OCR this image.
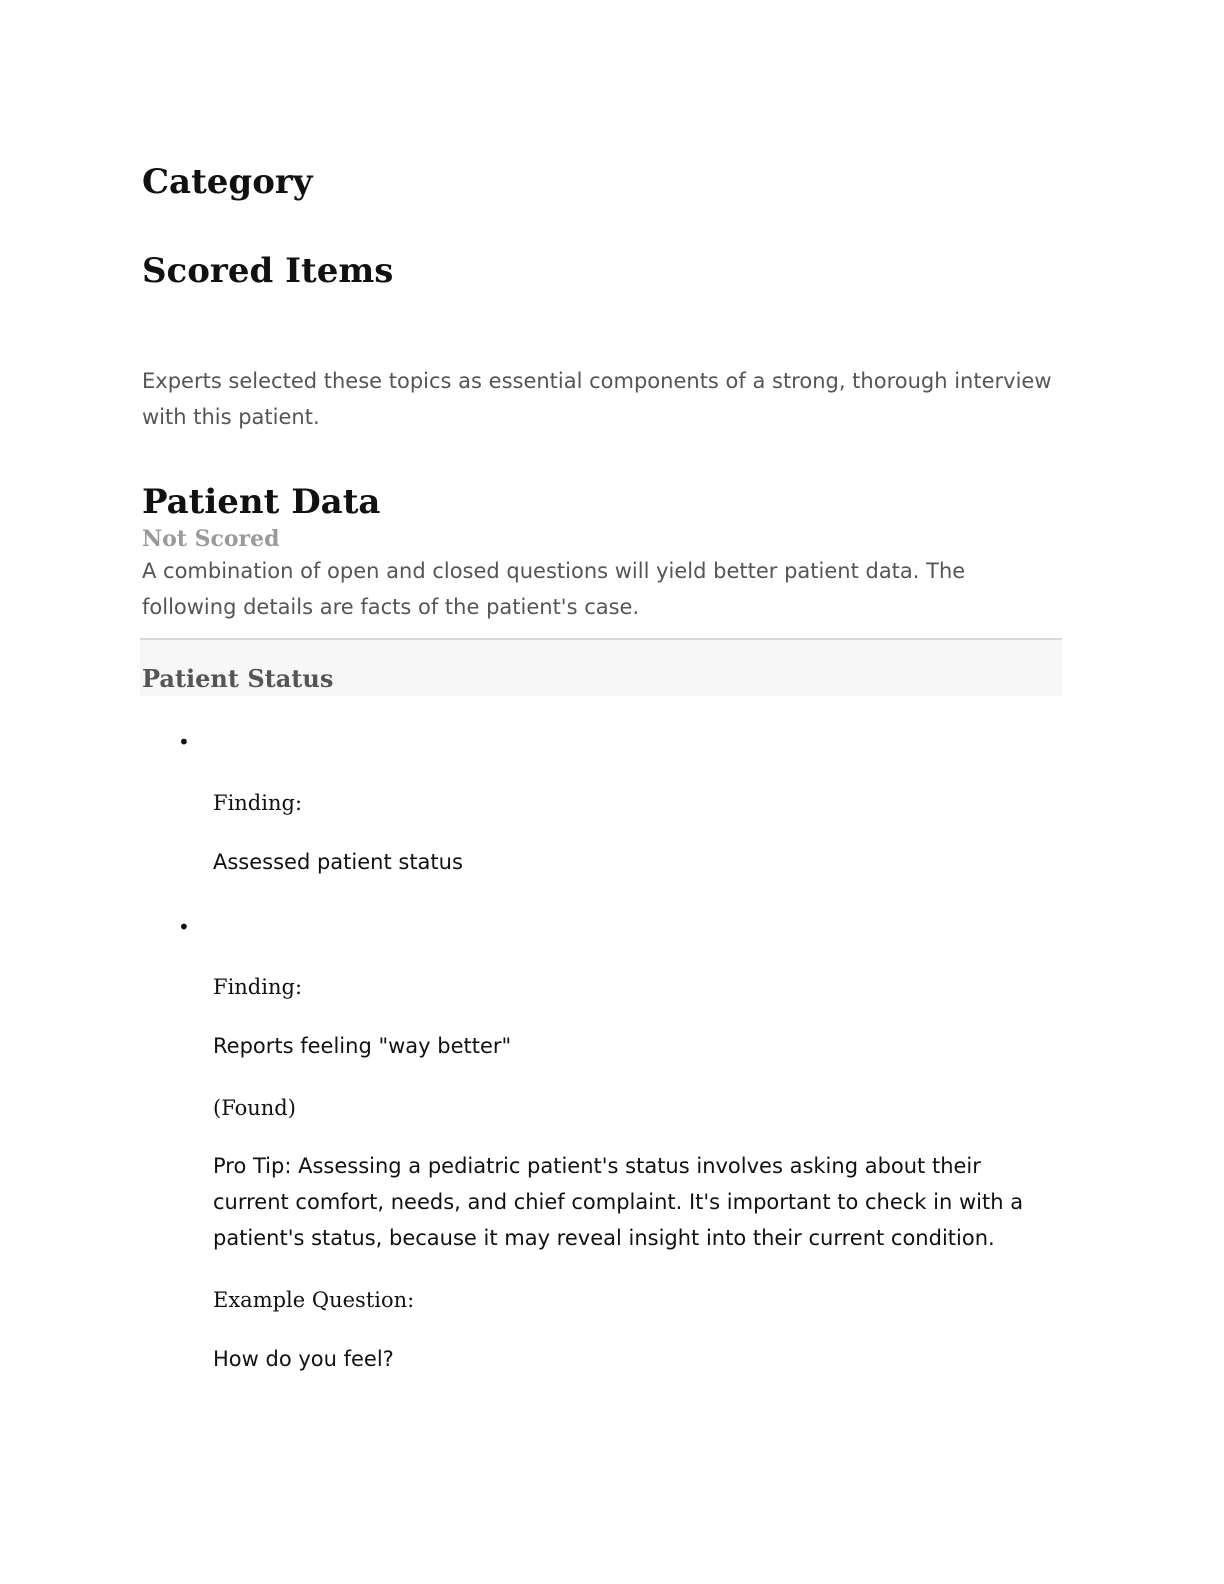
Category
Scored Items
Experts selected these topics as essential components of a strong, thorough interview with this patient.
Patient Data
Not Scored
A combination of open and closed questions will yield better patient data. The following details are facts of the patient's case.
Patient Status
•
Finding:
Assessed patient status
•
Finding:
Reports feeling "way better"
(Found)
Pro Tip: Assessing a pediatric patient's status involves asking about their current comfort, needs, and chief complaint. It's important to check in with a patient's status, because it may reveal insight into their current condition.
Example Question:
How do you feel?
